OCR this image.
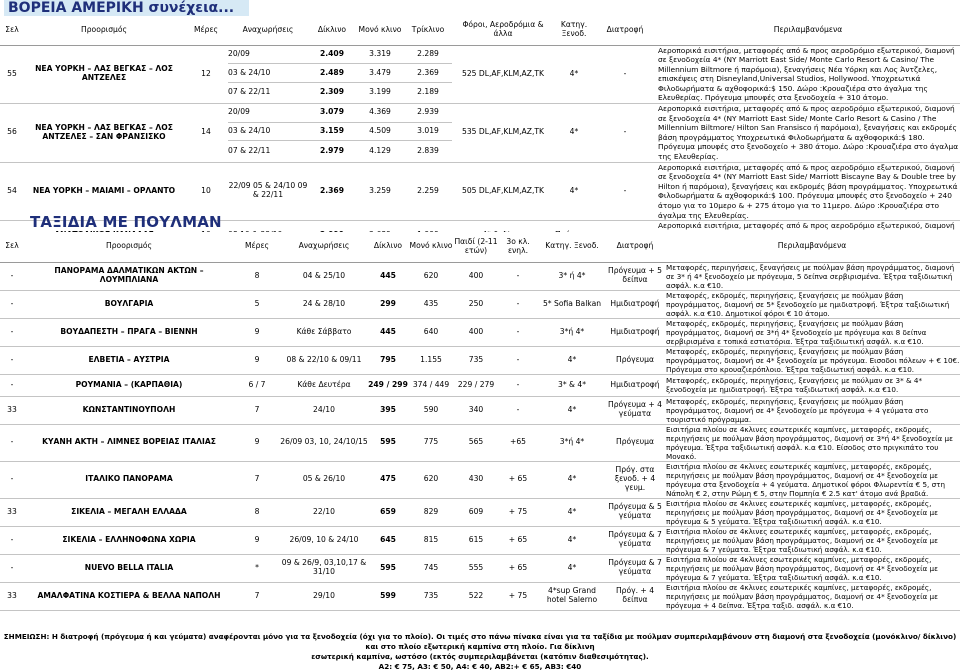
ΒΟΡΕΙΑ ΑΜΕΡΙΚΗ συνέχεια...
Σελ	Προορισμός	Μέρες	Αναχωρήσεις	Δίκλινο	Μονό κλινο	Τρίκλινο	Φόροι, Αεροδρόμια & άλλα	Κατηγ. Ξενοδ.	Διατροφή	Περιλαμβανόμενα
55	ΝΕΑ ΥΟΡΚΗ – ΛΑΣ ΒΕΓΚΑΣ – ΛΟΣ ΑΝΤΖΕΛΕΣ	12	20/09	2.409	3.319	2.289	525 DL,AF,KLM,AZ,TK	4*	-	Αεροπορικά εισιτήρια, μεταφορές από & προς αεροδρόμιο εξωτερικού, διαμονή σε ξενοδοχεία 4* (NY Marriott East Side/ Monte Carlo Resort & Casino/ The Millennium Biltmore ή παρόμοια), ξεναγήσεις Νέα Υόρκη και Λος Άντζελες, επισκέψεις στη Disneyland,Universal Studios, Hollywood. Υποχρεωτικά Φιλοδωρήματα & αχθοφορικά:$ 150. Δώρο :Κρουαζιέρα στο άγαλμα της Ελευθερίας. Πρόγευμα μπουφές στα ξενοδοχεία + 310 άτομο.
			03 & 24/10	2.489	3.479	2.369				
			07 & 22/11	2.309	3.199	2.189				
56	ΝΕΑ ΥΟΡΚΗ – ΛΑΣ ΒΕΓΚΑΣ – ΛΟΣ ΑΝΤΖΕΛΕΣ – ΣΑΝ ΦΡΑΝΣΙΣΚΟ	14	20/09	3.079	4.369	2.939	535 DL,AF,KLM,AZ,TK	4*	-	Αεροπορικά εισιτήρια, μεταφορές από & προς αεροδρόμιο εξωτερικού, διαμονή σε ξενοδοχεία 4* (NY Marriott East Side/ Monte Carlo Resort & Casino / The Millennium Biltmore/ Hilton San Fransisco ή παρόμοια), ξεναγήσεις και εκδρομές βάση προγράμματος Υποχρεωτικά Φιλοδωρήματα & αχθοφορικά:$ 180. Πρόγευμα μπουφές στο ξενοδοχείο + 380 άτομο. Δώρο :Κρουαζιέρα στο άγαλμα της Ελευθερίας.
			03 & 24/10	3.159	4.509	3.019				
			07 & 22/11	2.979	4.129	2.839				
54	ΝΕΑ ΥΟΡΚΗ – ΜΑΙΑΜΙ – ΟΡΛΑΝΤΟ	10	22/09 05 & 24/10 09 & 22/11	2.369	3.259	2.259	505 DL,AF,KLM,AZ,TK	4*	-	Αεροπορικά εισιτήρια, μεταφορές από & προς αεροδρόμιο εξωτερικού, διαμονή σε ξενοδοχεία 4* (NY Marriott East Side/ Marriott Biscayne Bay & Double tree by Hilton ή παρόμοια), ξεναγήσεις και εκδρομές βάση προγράμματος. Υποχρεωτικά Φιλοδωρήματα & αχθοφορικά:$ 100. Πρόγευμα μπουφές στο ξενοδοχείο + 240 άτομο για το 10μερο & + 275 άτομο για το 11μερο. Δώρο :Κρουαζιέρα στο άγαλμα της Ελευθερίας.
										Αεροπορικά εισιτήρια, μεταφορές από & προς αεροδρόμιο εξωτερικού, διαμονή
ΤΑΞΙΔΙΑ ΜΕ ΠΟΥΛΜΑΝ
Σελ	Προορισμός	Μέρες	Αναχωρήσεις	Δίκλινο	Μονό κλινο	Παιδί (2-11 ετών)	3ο κλ. ενηλ.	Κατηγ. Ξενοδ.	Διατροφή	Περιλαμβανόμενα
-	ΠΑΝΟΡΑΜΑ ΔΑΛΜΑΤΙΚΩΝ ΑΚΤΩΝ – ΛΟΥΜΠΛΙΑΝΑ	8	04 & 25/10	445	620	400	-	3* ή 4*	Πρόγευμα + 5 δείπνα	Μεταφορές, περιηγήσεις, ξεναγήσεις με πούλμαν βάση προγράμματος, διαμονή σε 3* ή 4* ξενοδοχείο με πρόγευμα, 5 δείπνα σερβιρισμένα. Έξτρα ταξιδιωτική ασφάλ. κ.α €10.
-	ΒΟΥΛΓΑΡΙΑ	5	24 & 28/10	299	435	250	-	5* Sofia Balkan	Ημιδιατροφή	Μεταφορές, εκδρομές, περιηγήσεις, ξεναγήσεις με πούλμαν βάση προγράμματος, διαμονή σε 5* ξενοδοχείο με ημιδιατροφή. Έξτρα ταξιδιωτική ασφάλ. κ.α €10. Δημοτικοί φόροι € 10 άτομο.
-	ΒΟΥΔΑΠΕΣΤΗ – ΠΡΑΓΑ – ΒΙΕΝΝΗ	9	Κάθε Σάββατο	445	640	400	-	3*ή 4*	Ημιδιατροφή	Μεταφορές, εκδρομές, περιηγήσεις, ξεναγήσεις με πούλμαν βάση προγράμματος, διαμονή σε 3*ή 4* ξενοδοχείο με πρόγευμα και 8 δείπνα σερβιρισμένα ε τοπικά εστιατόρια. Έξτρα ταξιδιωτική ασφάλ. κ.α €10.
-	ΕΛΒΕΤΙΑ – ΑΥΣΤΡΙΑ	9	08 & 22/10 & 09/11	795	1.155	735	-	4*	Πρόγευμα	Μεταφορές, εκδρομές, περιηγήσεις, ξεναγήσεις με πούλμαν βάση προγράμματος, διαμονή σε 4* ξενοδοχεία με πρόγευμα. Εισοδοι πόλεων + € 10€. Πρόγευμα στο κρουαζιερόπλοιο. Έξτρα ταξιδιωτική ασφάλ. κ.α €10.
-	ΡΟΥΜΑΝΙΑ – (ΚΑΡΠΑΘΙΑ)	6 / 7	Κάθε Δευτέρα	249 / 299	374 / 449	229 / 279	-	3* & 4*	Ημιδιατροφή	Μεταφορές, εκδρομές, περιηγήσεις, ξεναγήσεις με πούλμαν σε 3* & 4* ξενοδοχεία με ημιδιατροφή. Έξτρα ταξιδιωτική ασφάλ. κ.α €10.
33	ΚΩΝΣΤΑΝΤΙΝΟΥΠΟΛΗ	7	24/10	395	590	340	-	4*	Πρόγευμα + 4 γεύματα	Μεταφορές, εκδρομές, περιηγήσεις, ξεναγήσεις με πούλμαν βάση προγράμματος, διαμονή σε 4* ξενοδοχείο με πρόγευμα + 4 γεύματα στο τουριστικό πρόγραμμα.
-	ΚΥΑΝΗ ΑΚΤΗ – ΛΙΜΝΕΣ ΒΟΡΕΙΑΣ ΙΤΑΛΙΑΣ	9	26/09 03, 10, 24/10/15	595	775	565	+65	3*ή 4*	Πρόγευμα	Εισιτήρια πλοίου σε 4κλινες εσωτερικές καμπίνες, μεταφορές, εκδρομές, περιηγήσεις με πούλμαν βάση προγράμματος, διαμονή σε 3*ή 4* ξενοδοχεία με πρόγευμα. Έξτρα ταξιδιωτική ασφάλ. κ.α €10. Είσοδος στο πριγκιπάτο του Μονακό.
-	ΙΤΑΛΙΚΟ ΠΑΝΟΡΑΜΑ	7	05 & 26/10	475	620	430	+ 65	4*	Πρόγ. στα ξενοδ. + 4 γευμ.	Εισιτήρια πλοίου σε 4κλινες εσωτερικές καμπίνες, μεταφορές, εκδρομές, περιηγήσεις με πούλμαν βάση προγράμματος, διαμονή σε 4* ξενοδοχεία με πρόγευμα στα ξενοδοχεία + 4 γεύματα. Δημοτικοί φόροι Φλωρεντία € 5, στη Νάπολη € 2, στην Ρώμη € 5, στην Πομπηία € 2.5 κατ' άτομο ανά βραδιά.
33	ΣΙΚΕΛΙΑ – ΜΕΓΑΛΗ ΕΛΛΑΔΑ	8	22/10	659	829	609	+ 75	4*	Πρόγευμα & 5 γεύματα	Εισιτήρια πλοίου σε 4κλινες εσωτερικές καμπίνες, μεταφορές, εκδρομές, περιηγήσεις με πούλμαν βάση προγράμματος, διαμονή σε 4* ξενοδοχεία με πρόγευμα & 5 γεύματα. Έξτρα ταξιδιωτική ασφάλ. κ.α €10.
-	ΣΙΚΕΛΙΑ – ΕΛΛΗΝΟΦΩΝΑ ΧΩΡΙΑ	9	26/09, 10 & 24/10	645	815	615	+ 65	4*	Πρόγευμα & 7 γεύματα	Εισιτήρια πλοίου σε 4κλινες εσωτερικές καμπίνες, μεταφορές, εκδρομές, περιηγήσεις με πούλμαν βάση προγράμματος, διαμονή σε 4* ξενοδοχεία με πρόγευμα & 7 γεύματα. Έξτρα ταξιδιωτική ασφάλ. κ.α €10.
-	NUEVO BELLA ITALIA	*	09 & 26/9, 03,10,17 & 31/10	595	745	555	+ 65	4*	Πρόγευμα & 7 γεύματα	Εισιτήρια πλοίου σε 4κλινες εσωτερικές καμπίνες, μεταφορές, εκδρομές, περιηγήσεις με πούλμαν βάση προγράμματος, διαμονή σε 4* ξενοδοχεία με πρόγευμα & 7 γεύματα. Έξτρα ταξιδιωτική ασφάλ. κ.α €10.
33	ΑΜΑΛΦΑΤΙΝΑ ΚΟΣΤΙΕΡΑ & ΒΕΛΛΑ ΝΑΠΟΛΗ	7	29/10	599	735	522	+ 75	4*sup Grand hotel Salerno	Πρόγ. + 4 δείπνα	Εισιτήρια πλοίου σε 4κλινες εσωτερικές καμπίνες, μεταφορές, εκδρομές, περιηγήσεις με πούλμαν βάση προγράμματος, διαμονή σε 4* ξενοδοχεία με πρόγευμα + 4 δείπνα. Έξτρα ταξιδ. ασφάλ. κ.α €10.
ΣΗΜΕΙΩΣΗ: Η διατροφή (πρόγευμα ή και γεύματα) αναφέρονται μόνο για τα ξενοδοχεία (όχι για το πλοίο). Οι τιμές στο πάνω πίνακα είναι για τα ταξίδια με πούλμαν συμπεριλαμβάνουν στη διαμονή στα ξενοδοχεία (μονόκλινο/ δίκλινο) και στο πλοίο εξωτερική καμπίνα στη πλοίο. Για δίκλινη
εσωτερική καμπίνα, ωστόσο (εκτός συμπεριλαμβάνεται (κατόπιν διαθεσιμότητας).
Α2: € 75, Α3: € 50, Α4: € 40, ΑΒ2:+ € 65, ΑΒ3: €40
